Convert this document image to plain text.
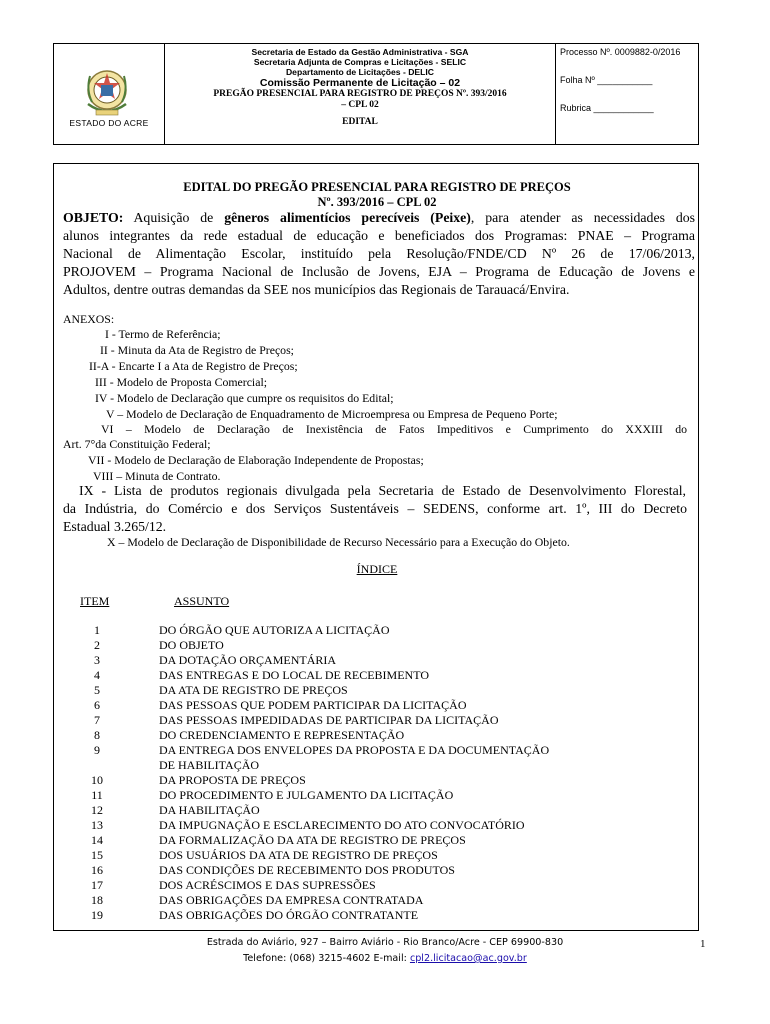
ESTADO DO ACRE
Secretaria de Estado da Gestão Administrativa - SGA
Secretaria Adjunta de Compras e Licitações - SELIC
Departamento de Licitações - DELIC
Comissão Permanente de Licitação – 02
PREGÃO PRESENCIAL PARA REGISTRO DE PREÇOS Nº. 393/2016
– CPL 02
EDITAL
Processo Nº. 0009882-0/2016
Folha Nº ___________
Rubrica ____________
EDITAL DO PREGÃO PRESENCIAL PARA REGISTRO DE PREÇOS
Nº. 393/2016 – CPL 02
OBJETO: Aquisição de gêneros alimentícios perecíveis (Peixe), para atender as necessidades dos
alunos integrantes da rede estadual de educação e beneficiados dos Programas: PNAE – Programa
Nacional de Alimentação Escolar, instituído pela Resolução/FNDE/CD Nº 26 de 17/06/2013,
PROJOVEM – Programa Nacional de Inclusão de Jovens, EJA – Programa de Educação de Jovens e
Adultos, dentre outras demandas da SEE nos municípios das Regionais de Tarauacá/Envira.
ANEXOS:
I - Termo de Referência;
II - Minuta da Ata de Registro de Preços;
II-A - Encarte I a Ata de Registro de Preços;
III - Modelo de Proposta Comercial;
IV - Modelo de Declaração que cumpre os requisitos do Edital;
V – Modelo de Declaração de Enquadramento de Microempresa ou Empresa de Pequeno Porte;
VI – Modelo de Declaração de Inexistência de Fatos Impeditivos e Cumprimento do XXXIII do
Art. 7°da Constituição Federal;
VII - Modelo de Declaração de Elaboração Independente de Propostas;
VIII – Minuta de Contrato.
IX - Lista de produtos regionais divulgada pela Secretaria de Estado de Desenvolvimento Florestal,
da Indústria, do Comércio e dos Serviços Sustentáveis – SEDENS, conforme art. 1º, III do Decreto
Estadual 3.265/12.
X – Modelo de Declaração de Disponibilidade de Recurso Necessário para a Execução do Objeto.
ÍNDICE
ITEM	ASSUNTO
1	DO ÓRGÃO QUE AUTORIZA A LICITAÇÃO
2	DO OBJETO
3	DA DOTAÇÃO ORÇAMENTÁRIA
4	DAS ENTREGAS E DO LOCAL DE RECEBIMENTO
5	DA ATA DE REGISTRO DE PREÇOS
6	DAS PESSOAS QUE PODEM PARTICIPAR DA LICITAÇÃO
7	DAS PESSOAS IMPEDIDADAS DE PARTICIPAR DA LICITAÇÃO
8	DO CREDENCIAMENTO E REPRESENTAÇÃO
9	DA ENTREGA DOS ENVELOPES DA PROPOSTA E DA DOCUMENTAÇÃO
DE HABILITAÇÃO
10	DA PROPOSTA DE PREÇOS
11	DO PROCEDIMENTO E JULGAMENTO DA LICITAÇÃO
12	DA HABILITAÇÃO
13	DA IMPUGNAÇÃO E ESCLARECIMENTO DO ATO CONVOCATÓRIO
14	DA FORMALIZAÇÃO DA ATA DE REGISTRO DE PREÇOS
15	DOS USUÁRIOS DA ATA DE REGISTRO DE PREÇOS
16	DAS CONDIÇÕES DE RECEBIMENTO DOS PRODUTOS
17	DOS ACRÉSCIMOS E DAS SUPRESSÕES
18	DAS OBRIGAÇÕES DA EMPRESA CONTRATADA
19	DAS OBRIGAÇÕES DO ÓRGÃO CONTRATANTE
1
Estrada do Aviário, 927 – Bairro Aviário - Rio Branco/Acre - CEP 69900-830
Telefone: (068) 3215-4602 E-mail: cpl2.licitacao@ac.gov.br
